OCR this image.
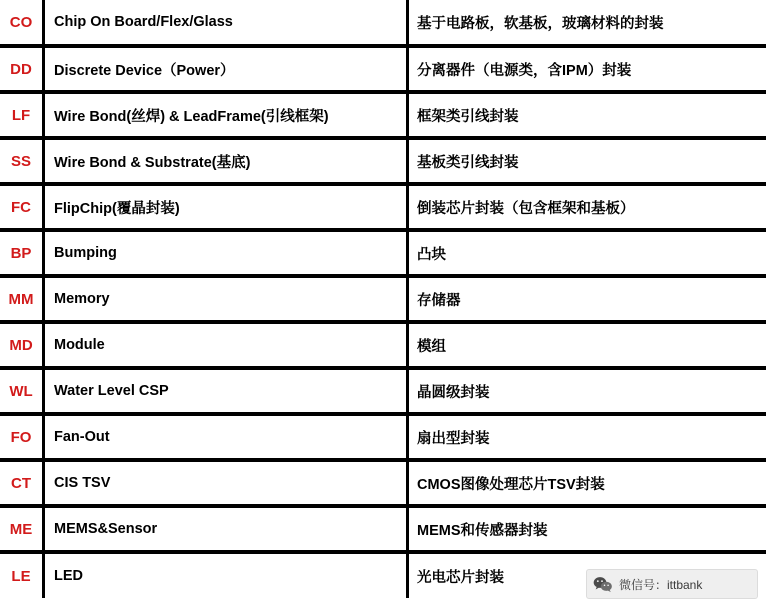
CO	Chip On Board/Flex/Glass	基于电路板，软基板，玻璃材料的封装
DD	Discrete Device（Power）	分离器件（电源类，含IPM）封装
LF	Wire Bond(丝焊) & LeadFrame(引线框架)	框架类引线封装
SS	Wire Bond & Substrate(基底)	基板类引线封装
FC	FlipChip(覆晶封装)	倒装芯片封装（包含框架和基板）
BP	Bumping	凸块
MM	Memory	存储器
MD	Module	模组
WL	Water Level CSP	晶圆级封装
FO	Fan-Out	扇出型封装
CT	CIS TSV	CMOS图像处理芯片TSV封装
ME	MEMS&Sensor	MEMS和传感器封装
LE	LED	光电芯片封装	微信号：ittbank
